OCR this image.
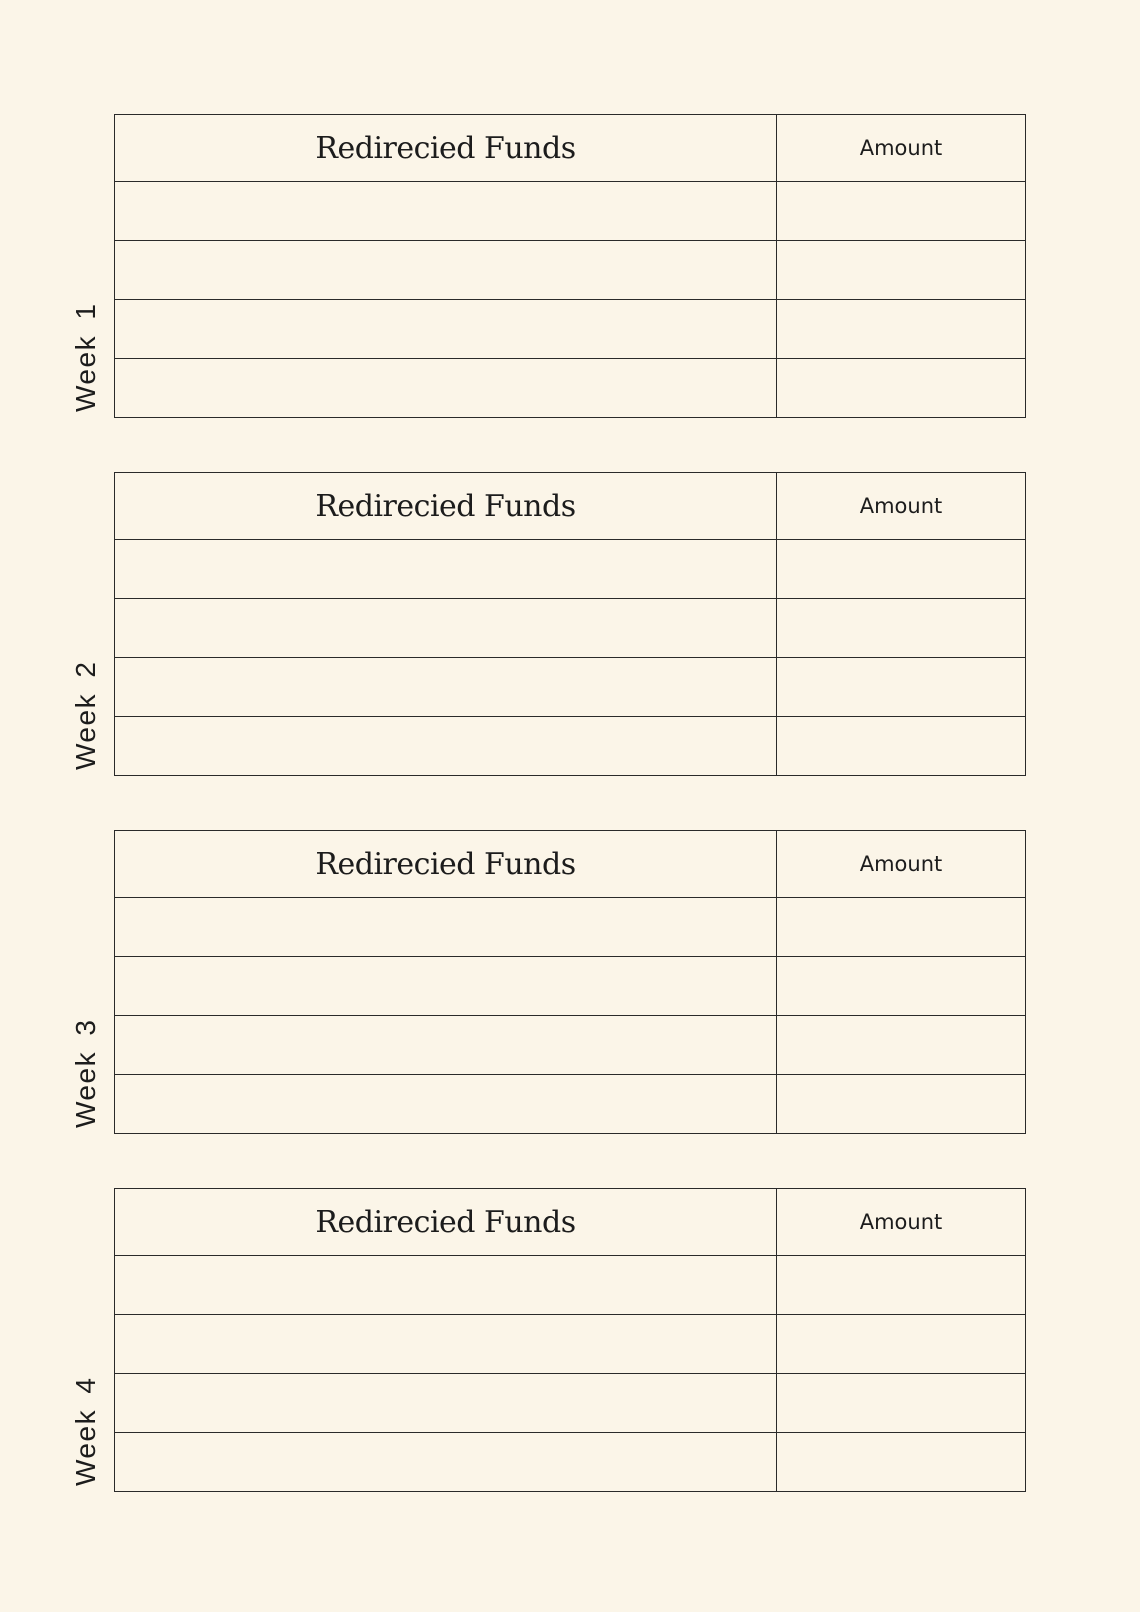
Week 1
Redirecied Funds	Amount

Week 2
Redirecied Funds	Amount

Week 3
Redirecied Funds	Amount

Week 4
Redirecied Funds	Amount
